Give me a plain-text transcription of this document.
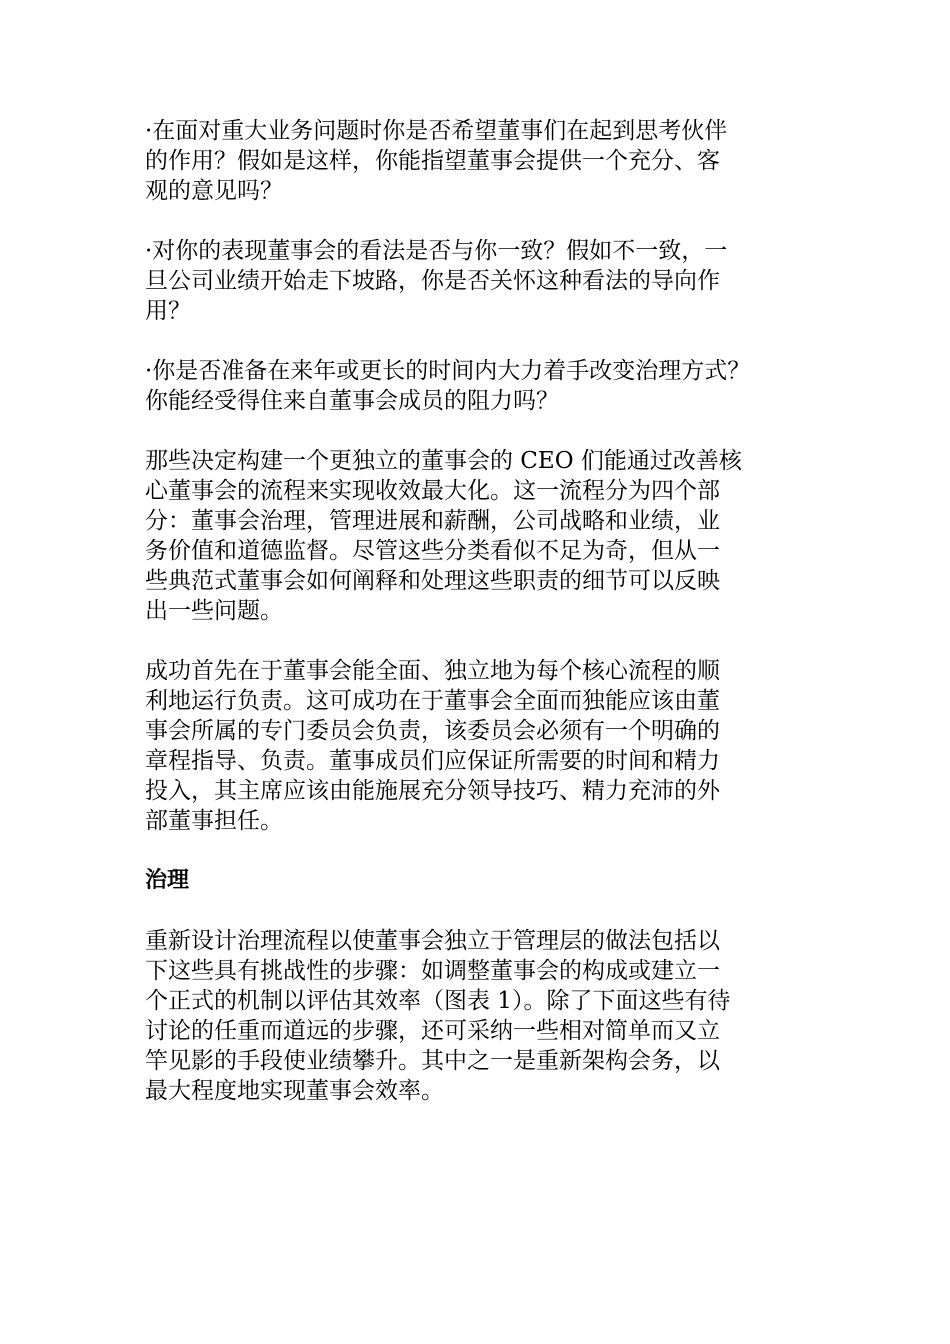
·在面对重大业务问题时你是否希望董事们在起到思考伙伴
的作用？假如是这样，你能指望董事会提供一个充分、客
观的意见吗？

·对你的表现董事会的看法是否与你一致？假如不一致，一
旦公司业绩开始走下坡路，你是否关怀这种看法的导向作
用？

·你是否准备在来年或更长的时间内大力着手改变治理方式？
你能经受得住来自董事会成员的阻力吗？

那些决定构建一个更独立的董事会的 CEO 们能通过改善核
心董事会的流程来实现收效最大化。这一流程分为四个部
分：董事会治理，管理进展和薪酬，公司战略和业绩，业
务价值和道德监督。尽管这些分类看似不足为奇，但从一
些典范式董事会如何阐释和处理这些职责的细节可以反映
出一些问题。

成功首先在于董事会能全面、独立地为每个核心流程的顺
利地运行负责。这可成功在于董事会全面而独能应该由董
事会所属的专门委员会负责，该委员会必须有一个明确的
章程指导、负责。董事成员们应保证所需要的时间和精力
投入，其主席应该由能施展充分领导技巧、精力充沛的外
部董事担任。

治理

重新设计治理流程以使董事会独立于管理层的做法包括以
下这些具有挑战性的步骤：如调整董事会的构成或建立一
个正式的机制以评估其效率（图表 1）。除了下面这些有待
讨论的任重而道远的步骤，还可采纳一些相对简单而又立
竿见影的手段使业绩攀升。其中之一是重新架构会务，以
最大程度地实现董事会效率。
